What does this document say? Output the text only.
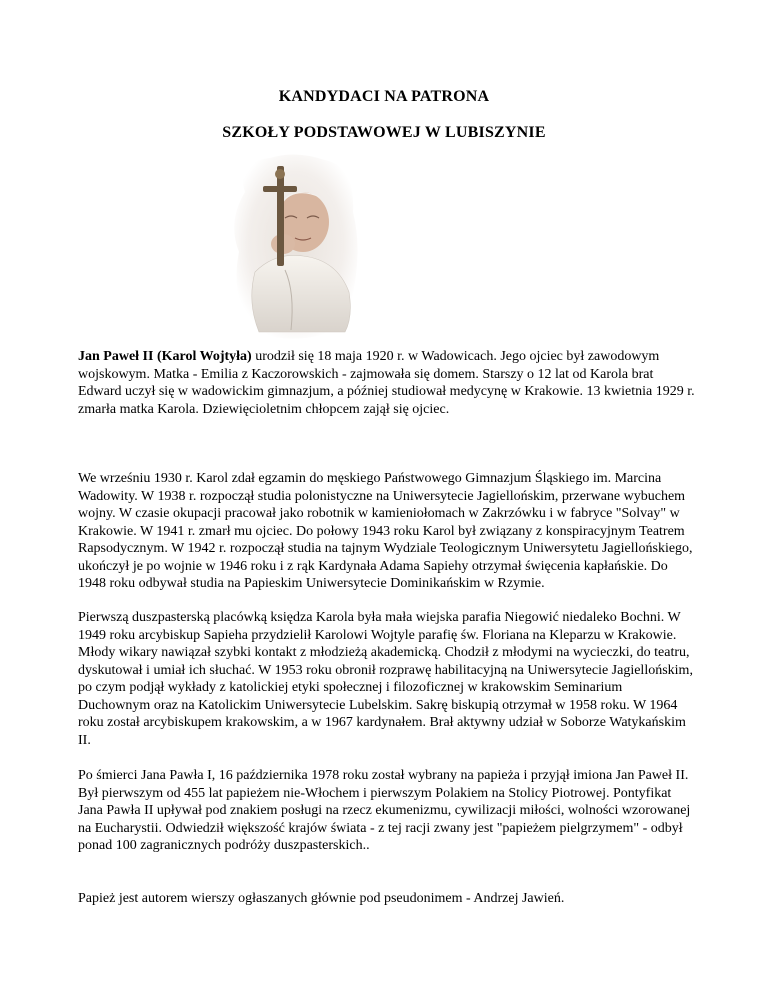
KANDYDACI NA PATRONA
SZKOŁY PODSTAWOWEJ W LUBISZYNIE

Jan Paweł II (Karol Wojtyła) urodził się 18 maja 1920 r. w Wadowicach. Jego ojciec był zawodowym wojskowym. Matka - Emilia z Kaczorowskich - zajmowała się domem. Starszy o 12 lat od Karola brat Edward uczył się w wadowickim gimnazjum, a później studiował medycynę w Krakowie. 13 kwietnia 1929 r. zmarła matka Karola. Dziewięcioletnim chłopcem zajął się ojciec.

We wrześniu 1930 r. Karol zdał egzamin do męskiego Państwowego Gimnazjum Śląskiego im. Marcina Wadowity. W 1938 r. rozpoczął studia polonistyczne na Uniwersytecie Jagiellońskim, przerwane wybuchem wojny. W czasie okupacji pracował jako robotnik w kamieniołomach w Zakrzówku i w fabryce "Solvay" w Krakowie. W 1941 r. zmarł mu ojciec. Do połowy 1943 roku Karol był związany z konspiracyjnym Teatrem Rapsodycznym. W 1942 r. rozpoczął studia na tajnym Wydziale Teologicznym Uniwersytetu Jagiellońskiego, ukończył je po wojnie w 1946 roku i z rąk Kardynała Adama Sapiehy otrzymał święcenia kapłańskie. Do 1948 roku odbywał studia na Papieskim Uniwersytecie Dominikańskim w Rzymie.

Pierwszą duszpasterską placówką księdza Karola była mała wiejska parafia Niegowić niedaleko Bochni. W 1949 roku arcybiskup Sapieha przydzielił Karolowi Wojtyle parafię św. Floriana na Kleparzu w Krakowie. Młody wikary nawiązał szybki kontakt z młodzieżą akademicką. Chodził z młodymi na wycieczki, do teatru, dyskutował i umiał ich słuchać. W 1953 roku obronił rozprawę habilitacyjną na Uniwersytecie Jagiellońskim, po czym podjął wykłady z katolickiej etyki społecznej i filozoficznej w krakowskim Seminarium Duchownym oraz na Katolickim Uniwersytecie Lubelskim. Sakrę biskupią otrzymał w 1958 roku. W 1964 roku został arcybiskupem krakowskim, a w 1967 kardynałem. Brał aktywny udział w Soborze Watykańskim II.

Po śmierci Jana Pawła I, 16 października 1978 roku został wybrany na papieża i przyjął imiona Jan Paweł II. Był pierwszym od 455 lat papieżem nie-Włochem i pierwszym Polakiem na Stolicy Piotrowej. Pontyfikat Jana Pawła II upływał pod znakiem posługi na rzecz ekumenizmu, cywilizacji miłości, wolności wzorowanej na Eucharystii. Odwiedził większość krajów świata - z tej racji zwany jest "papieżem pielgrzymem" - odbył ponad 100 zagranicznych podróży duszpasterskich..

Papież jest autorem wierszy ogłaszanych głównie pod pseudonimem - Andrzej Jawień.
